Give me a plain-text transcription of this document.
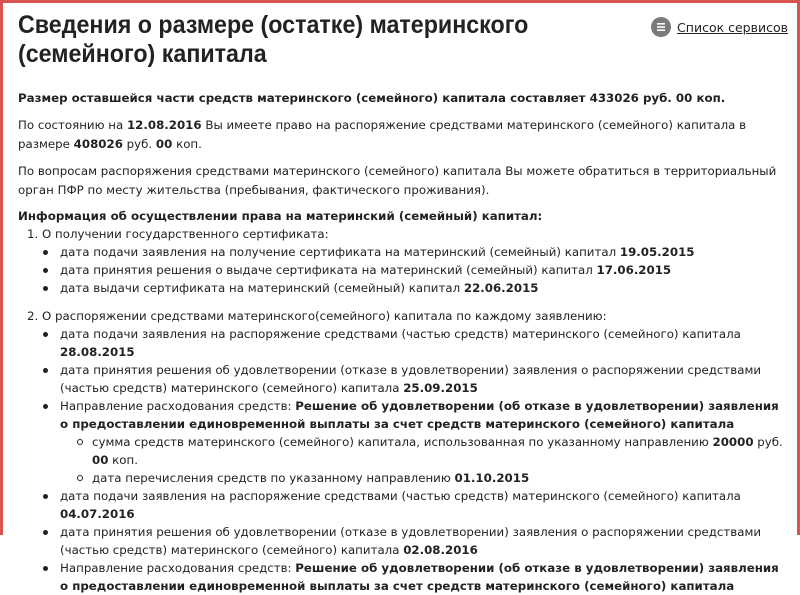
Сведения о размере (остатке) материнского (семейного) капитала
Список сервисов

Размер оставшейся части средств материнского (семейного) капитала составляет 433026 руб. 00 коп.

По состоянию на 12.08.2016 Вы имеете право на распоряжение средствами материнского (семейного) капитала в размере 408026 руб. 00 коп.

По вопросам распоряжения средствами материнского (семейного) капитала Вы можете обратиться в территориальный орган ПФР по месту жительства (пребывания, фактического проживания).

Информация об осуществлении права на материнский (семейный) капитал:
1. О получении государственного сертификата:
дата подачи заявления на получение сертификата на материнский (семейный) капитал 19.05.2015
дата принятия решения о выдаче сертификата на материнский (семейный) капитал 17.06.2015
дата выдачи сертификата на материнский (семейный) капитал 22.06.2015
2. О распоряжении средствами материнского(семейного) капитала по каждому заявлению:
дата подачи заявления на распоряжение средствами (частью средств) материнского (семейного) капитала 28.08.2015
дата принятия решения об удовлетворении (отказе в удовлетворении) заявления о распоряжении средствами (частью средств) материнского (семейного) капитала 25.09.2015
Направление расходования средств: Решение об удовлетворении (об отказе в удовлетворении) заявления о предоставлении единовременной выплаты за счет средств материнского (семейного) капитала
сумма средств материнского (семейного) капитала, использованная по указанному направлению 20000 руб. 00 коп.
дата перечисления средств по указанному направлению 01.10.2015
дата подачи заявления на распоряжение средствами (частью средств) материнского (семейного) капитала 04.07.2016
дата принятия решения об удовлетворении (отказе в удовлетворении) заявления о распоряжении средствами (частью средств) материнского (семейного) капитала 02.08.2016
Направление расходования средств: Решение об удовлетворении (об отказе в удовлетворении) заявления о предоставлении единовременной выплаты за счет средств материнского (семейного) капитала
